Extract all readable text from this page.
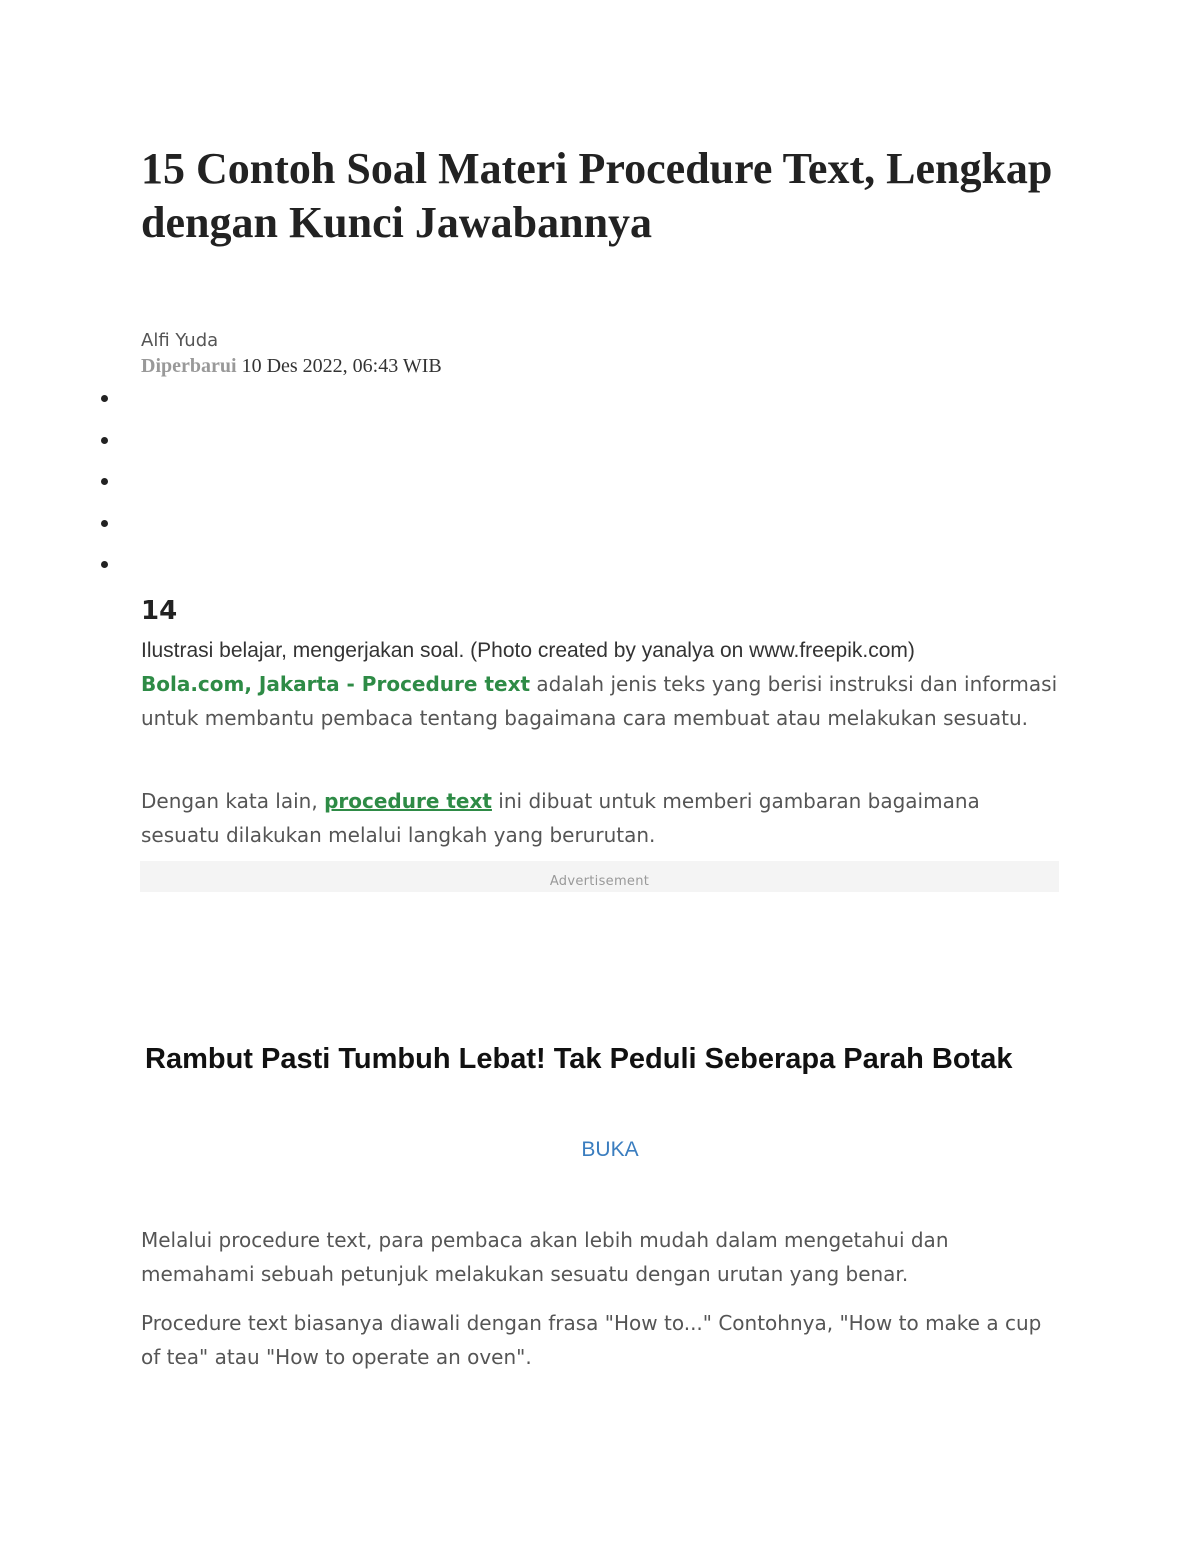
15 Contoh Soal Materi Procedure Text, Lengkap dengan Kunci Jawabannya
Alfi Yuda
Diperbarui 10 Des 2022, 06:43 WIB
14
Ilustrasi belajar, mengerjakan soal. (Photo created by yanalya on www.freepik.com)

Bola.com, Jakarta - Procedure text adalah jenis teks yang berisi instruksi dan informasi untuk membantu pembaca tentang bagaimana cara membuat atau melakukan sesuatu.

Dengan kata lain, procedure text ini dibuat untuk memberi gambaran bagaimana sesuatu dilakukan melalui langkah yang berurutan.

Advertisement
Rambut Pasti Tumbuh Lebat! Tak Peduli Seberapa Parah Botak
BUKA

Melalui procedure text, para pembaca akan lebih mudah dalam mengetahui dan memahami sebuah petunjuk melakukan sesuatu dengan urutan yang benar.

Procedure text biasanya diawali dengan frasa "How to..." Contohnya, "How to make a cup of tea" atau "How to operate an oven".
